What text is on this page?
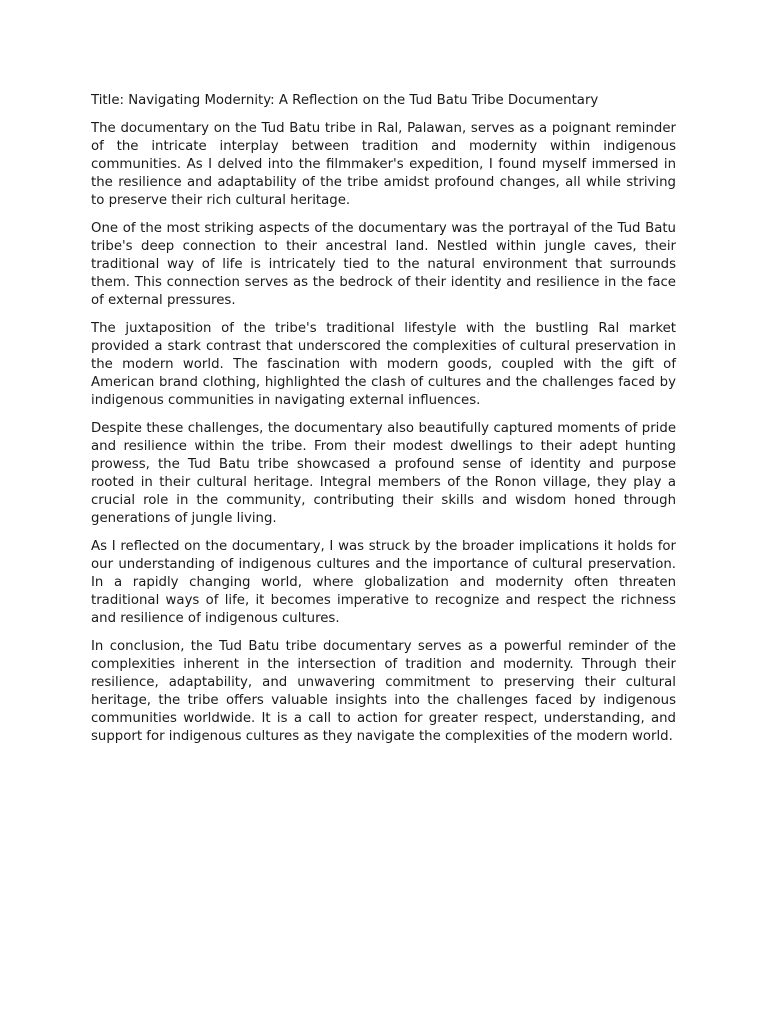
Title: Navigating Modernity: A Reflection on the Tud Batu Tribe Documentary

The documentary on the Tud Batu tribe in Ral, Palawan, serves as a poignant reminder of the intricate interplay between tradition and modernity within indigenous communities. As I delved into the filmmaker's expedition, I found myself immersed in the resilience and adaptability of the tribe amidst profound changes, all while striving to preserve their rich cultural heritage.

One of the most striking aspects of the documentary was the portrayal of the Tud Batu tribe's deep connection to their ancestral land. Nestled within jungle caves, their traditional way of life is intricately tied to the natural environment that surrounds them. This connection serves as the bedrock of their identity and resilience in the face of external pressures.

The juxtaposition of the tribe's traditional lifestyle with the bustling Ral market provided a stark contrast that underscored the complexities of cultural preservation in the modern world. The fascination with modern goods, coupled with the gift of American brand clothing, highlighted the clash of cultures and the challenges faced by indigenous communities in navigating external influences.

Despite these challenges, the documentary also beautifully captured moments of pride and resilience within the tribe. From their modest dwellings to their adept hunting prowess, the Tud Batu tribe showcased a profound sense of identity and purpose rooted in their cultural heritage. Integral members of the Ronon village, they play a crucial role in the community, contributing their skills and wisdom honed through generations of jungle living.

As I reflected on the documentary, I was struck by the broader implications it holds for our understanding of indigenous cultures and the importance of cultural preservation. In a rapidly changing world, where globalization and modernity often threaten traditional ways of life, it becomes imperative to recognize and respect the richness and resilience of indigenous cultures.

In conclusion, the Tud Batu tribe documentary serves as a powerful reminder of the complexities inherent in the intersection of tradition and modernity. Through their resilience, adaptability, and unwavering commitment to preserving their cultural heritage, the tribe offers valuable insights into the challenges faced by indigenous communities worldwide. It is a call to action for greater respect, understanding, and support for indigenous cultures as they navigate the complexities of the modern world.
